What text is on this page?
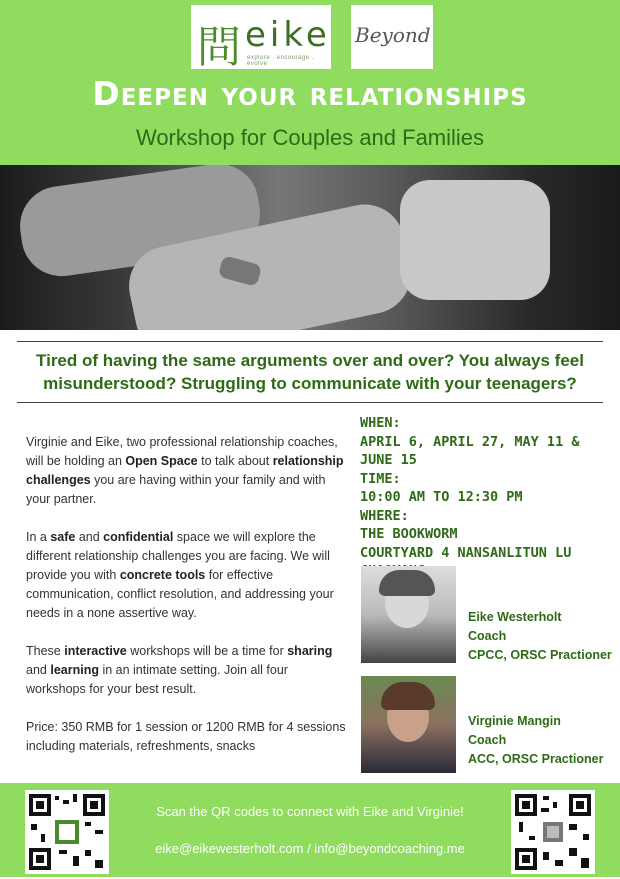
問 eike
explore . encourage . evolve
Beyond
Deepen your relationships
Workshop for Couples and Families
Tired of having the same arguments over and over? You always feel
misunderstood? Struggling to communicate with your teenagers?

Virginie and Eike, two professional relationship coaches, will be holding an Open Space to talk about relationship challenges you are having within your family and with your partner.

In a safe and confidential space we will explore the different relationship challenges you are facing. We will provide you with concrete tools for effective communication, conflict resolution, and addressing your needs in a none assertive way.

These interactive workshops will be a time for sharing and learning in an intimate setting. Join all four workshops for your best result.

Price: 350 RMB for 1 session or 1200 RMB for 4 sessions including materials, refreshments, snacks

WHEN:
APRIL 6, APRIL 27, MAY 11 & JUNE 15
TIME:
10:00 AM TO 12:30 PM
WHERE:
THE BOOKWORM
COURTYARD 4 NANSANLITUN LU
Eike Westerholt
Coach
CPCC, ORSC Practioner
Virginie Mangin
Coach
ACC, ORSC Practioner
Scan the QR codes to connect with Eike and Virginie!
eike@eikewesterholt.com / info@beyondcoaching.me
